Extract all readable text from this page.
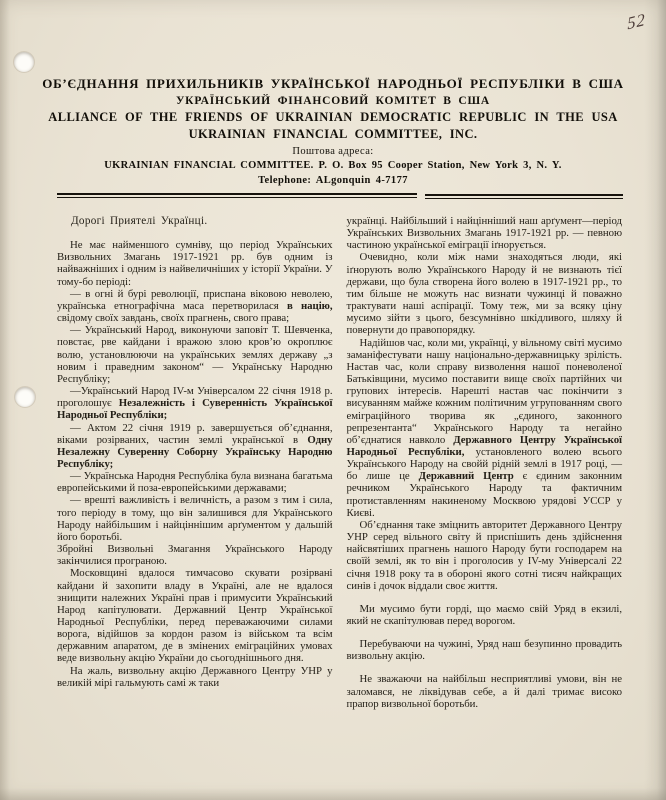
52
ОБ’ЄДНАННЯ ПРИХИЛЬНИКІВ УКРАЇНСЬКОЇ НАРОДНЬОЇ РЕСПУБЛІКИ В США
УКРАЇНСЬКИЙ ФІНАНСОВИЙ КОМІТЕТ В США
ALLIANCE OF THE FRIENDS OF UKRAINIAN DEMOCRATIC REPUBLIC IN THE USA
UKRAINIAN FINANCIAL COMMITTEE, INC.
Поштова адреса:
UKRAINIAN FINANCIAL COMMITTEE. P. O. Box 95 Cooper Station, New York 3, N. Y.
Telephone: ALgonquin 4-7177

Дорогі Приятелі Українці.

Не має найменшого сумніву, що період Українських Визвольних Змагань 1917-1921 рр. був одним із найважніших і одним із найвеличніших у історії України. У тому-бо періоді:

— в огні й бурі революції, приспана віковою неволею, українська етнографічна маса перетворилася в націю, свідому своїх завдань, своїх прагнень, свого права;

— Український Народ, виконуючи заповіт Т. Шевченка, повстає, рве кайдани і вражою злою кров’ю окроплює волю, установлюючи на українських землях державу „з новим і праведним законом“ — Українську Народню Республіку;

—Український Народ IV-м Універсалом 22 січня 1918 р. проголошує Незалежність і Суверенність Української Народньої Республіки;

— Актом 22 січня 1919 р. завершується об’єднання, віками розірваних, частин землі української в Одну Незалежну Суверенну Соборну Українську Народню Республіку;

— Українська Народня Республіка була визнана багатьма европейськими й поза-европейськими державами;

— врешті важливість і величність, а разом з тим і сила, того періоду в тому, що він залишився для Українського Народу найбільшим і найціннішим арґументом у дальшій його боротьбі.

Збройні Визвольні Змагання Українського Народу закінчилися програною.

Московщині вдалося тимчасово скувати розірвані кайдани й захопити владу в Україні, але не вдалося знищити належних Україні прав і примусити Український Народ капітулювати. Державний Центр Української Народньої Республіки, перед переважаючими силами ворога, відійшов за кордон разом із військом та всім державним апаратом, де в змінених еміграційних умовах веде визвольну акцію України до сьогоднішнього дня.

На жаль, визвольну акцію Державного Центру УНР у великій мірі гальмують самі ж таки

українці. Найбільший і найцінніший наш арґумент—період Українських Визвольних Змагань 1917-1921 рр. — певною частиною української еміграції іґнорується.

Очевидно, коли між нами знаходяться люди, які іґнорують волю Українського Народу й не визнають тієї держави, що була створена його волею в 1917-1921 рр., то тим більше не можуть нас визнати чужинці й поважно трактувати наші аспірації. Тому теж, ми за всяку ціну мусимо зійти з цього, безсумнівно шкідливого, шляху й повернути до правопорядку.

Надійшов час, коли ми, українці, у вільному світі мусимо заманіфестувати нашу національно-державницьку зрілість. Настав час, коли справу визволення нашої поневоленої Батьківщини, мусимо поставити вище своїх партійних чи групових інтересів. Нарешті настав час покінчити з висуванням майже кожним політичним угрупованням свого еміграційного творива як „єдиного, законного репрезентанта“ Українського Народу та негайно об’єднатися навколо Державного Центру Української Народньої Республіки, установленого волею всього Українського Народу на свойй рідній землі в 1917 році, — бо лише це Державний Центр є єдиним законним речником Українського Народу та фактичним протиставленням накиненому Москвою урядові УССР у Києві.

Об’єднання таке зміцнить авторитет Державного Центру УНР серед вільного світу й приспішить день здійснення найсвятіших прагнень нашого Народу бути господарем на своїй землі, як то він і проголосив у IV-му Універсалі 22 січня 1918 року та в обороні якого сотні тисяч найкращих синів і дочок віддали своє життя.

Ми мусимо бути горді, що маємо свій Уряд в екзилі, який не скапітулював перед ворогом.

Перебуваючи на чужині, Уряд наш безупинно провадить визвольну акцію.

Не зважаючи на найбільш несприятливі умови, він не заломався, не ліквідував себе, а й далі тримає високо прапор визвольної боротьби.
